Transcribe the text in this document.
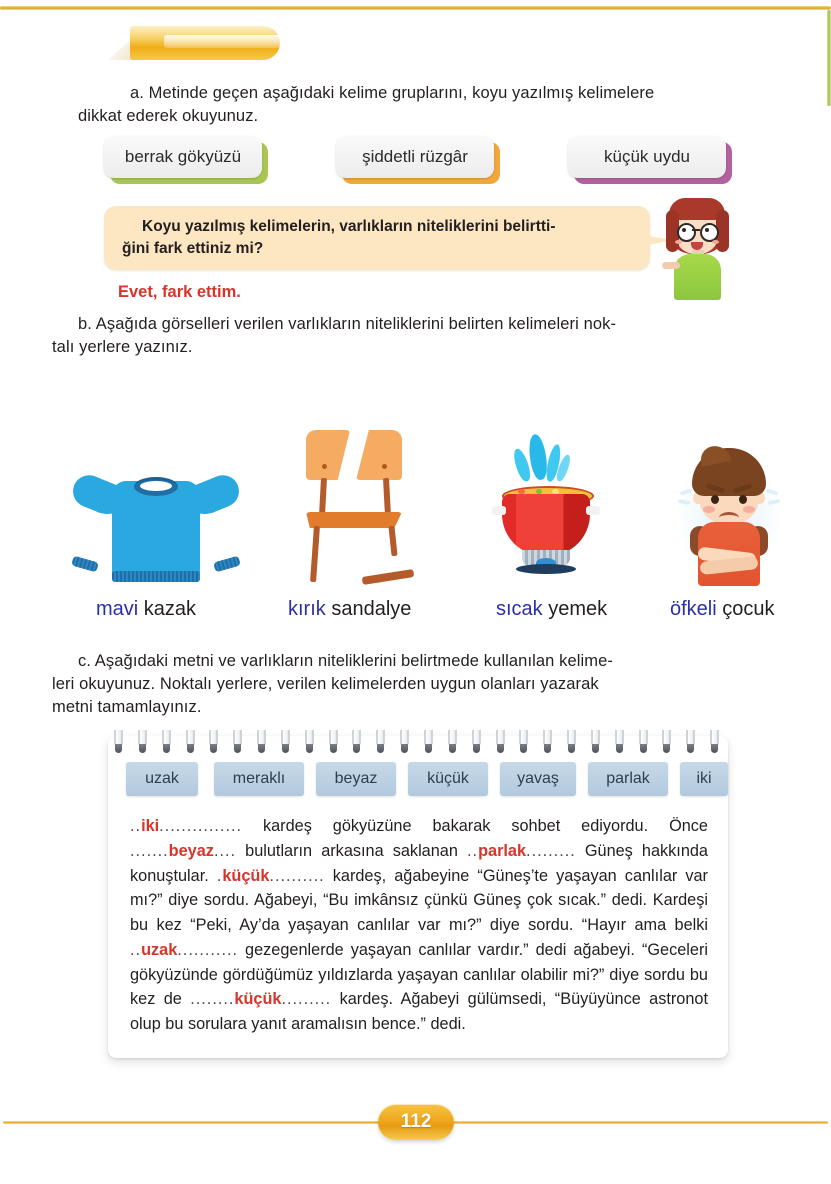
a. Metinde geçen aşağıdaki kelime gruplarını, koyu yazılmış kelimelere
dikkat ederek okuyunuz.
berrak gökyüzü	şiddetli rüzgâr	küçük uydu
Koyu yazılmış kelimelerin, varlıkların niteliklerini belirtti-
ğini fark ettiniz mi?
Evet, fark ettim.
b. Aşağıda görselleri verilen varlıkların niteliklerini belirten kelimeleri nok-
talı yerlere yazınız.
mavi kazak	kırık sandalye	sıcak yemek	öfkeli çocuk
c. Aşağıdaki metni ve varlıkların niteliklerini belirtmede kullanılan kelime-
leri okuyunuz. Noktalı yerlere, verilen kelimelerden uygun olanları yazarak
metni tamamlayınız.
uzak	meraklı	beyaz	küçük	yavaş	parlak	iki

..iki............... kardeş gökyüzüne bakarak sohbet ediyordu. Önce .......beyaz.... bulutların arkasına saklanan ..parlak......... Güneş hakkında konuştular. .küçük.......... kardeş, ağabeyine “Güneş’te yaşayan canlılar var mı?” diye sordu. Ağabeyi, “Bu imkânsız çünkü Güneş çok sıcak.” dedi. Kardeşi bu kez “Peki, Ay’da yaşayan canlılar var mı?” diye sordu. “Hayır ama belki ..uzak........... gezegenlerde yaşayan canlılar vardır.” dedi ağabeyi. “Geceleri gökyüzünde gördüğümüz yıldızlarda yaşayan canlılar olabilir mi?” diye sordu bu kez de ........küçük......... kardeş. Ağabeyi gülümsedi, “Büyüyünce astronot olup bu sorulara yanıt aramalısın bence.” dedi.

112
